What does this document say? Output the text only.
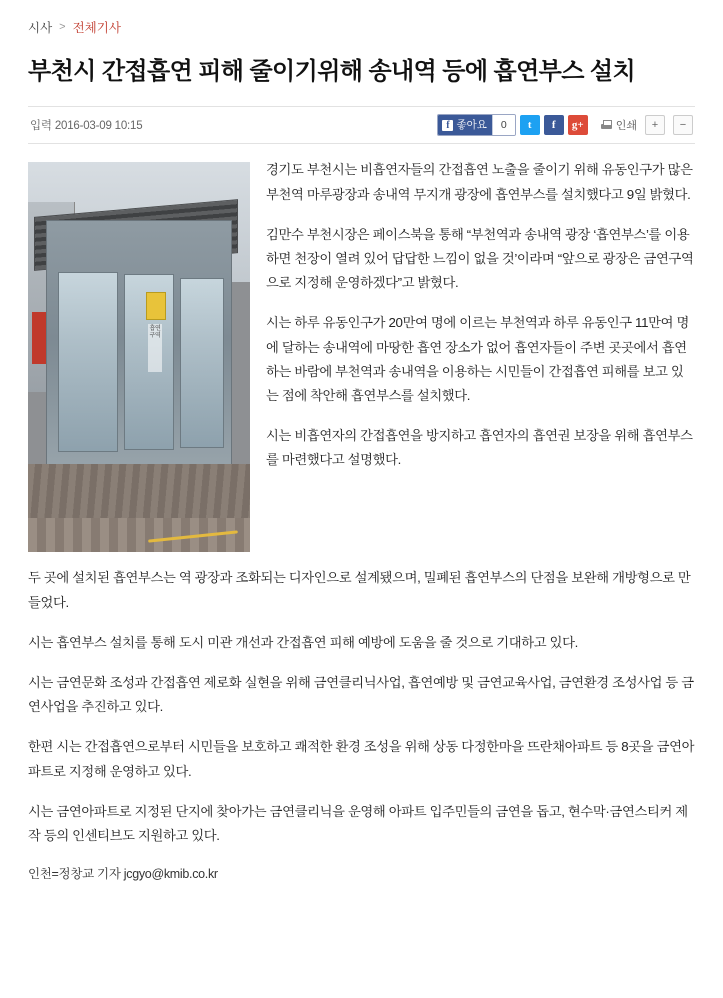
시사 > 전체기사
부천시 간접흡연 피해 줄이기위해 송내역 등에 흡연부스 설치
입력 2016-03-09 10:15	f 좋아요	0	t	f	g+	인쇄	+	−
흡연구역

경기도 부천시는 비흡연자들의 간접흡연 노출을 줄이기 위해 유동인구가 많은 부천역 마루광장과 송내역 무지개 광장에 흡연부스를 설치했다고 9일 밝혔다.

김만수 부천시장은 페이스북을 통해 “부천역과 송내역 광장 ‘흡연부스’를 이용하면 천장이 열려 있어 답답한 느낌이 없을 것’이라며 “앞으로 광장은 금연구역으로 지정해 운영하겠다”고 밝혔다.

시는 하루 유동인구가 20만여 명에 이르는 부천역과 하루 유동인구 11만여 명에 달하는 송내역에 마땅한 흡연 장소가 없어 흡연자들이 주변 곳곳에서 흡연하는 바람에 부천역과 송내역을 이용하는 시민들이 간접흡연 피해를 보고 있는 점에 착안해 흡연부스를 설치했다.

시는 비흡연자의 간접흡연을 방지하고 흡연자의 흡연권 보장을 위해 흡연부스를 마련했다고 설명했다.

두 곳에 설치된 흡연부스는 역 광장과 조화되는 디자인으로 설계됐으며, 밀폐된 흡연부스의 단점을 보완해 개방형으로 만들었다.

시는 흡연부스 설치를 통해 도시 미관 개선과 간접흡연 피해 예방에 도움을 줄 것으로 기대하고 있다.

시는 금연문화 조성과 간접흡연 제로화 실현을 위해 금연클리닉사업, 흡연예방 및 금연교육사업, 금연환경 조성사업 등 금연사업을 추진하고 있다.

한편 시는 간접흡연으로부터 시민들을 보호하고 쾌적한 환경 조성을 위해 상동 다정한마을 뜨란채아파트 등 8곳을 금연아파트로 지정해 운영하고 있다.

시는 금연아파트로 지정된 단지에 찾아가는 금연클리닉을 운영해 아파트 입주민들의 금연을 돕고, 현수막·금연스티커 제작 등의 인센티브도 지원하고 있다.

인천=정창교 기자 jcgyo@kmib.co.kr
